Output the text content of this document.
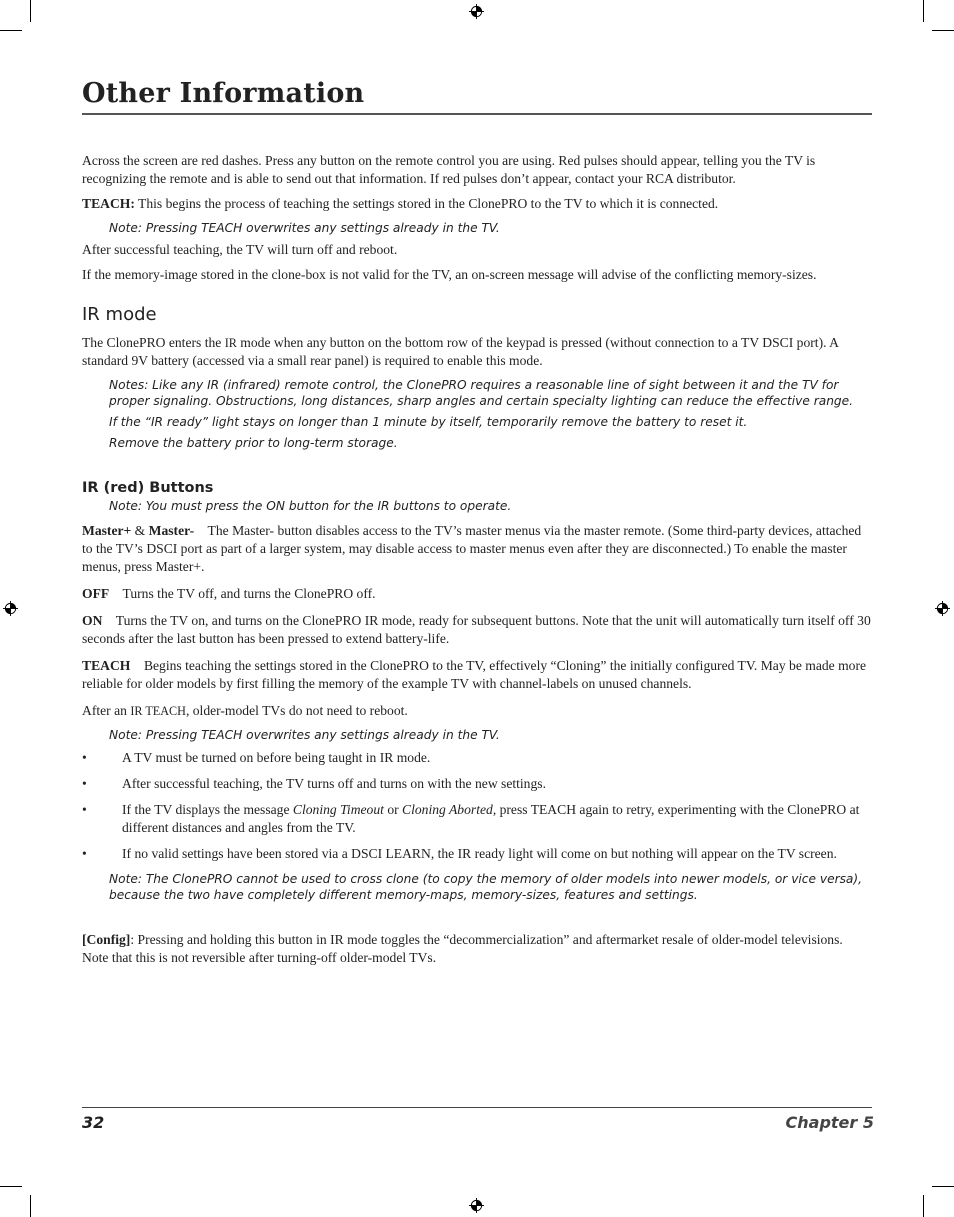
Other Information

Across the screen are red dashes. Press any button on the remote control you are using. Red pulses should appear, telling you the TV is recognizing the remote and is able to send out that information. If red pulses don’t appear, contact your RCA distributor.

TEACH: This begins the process of teaching the settings stored in the ClonePRO to the TV to which it is connected.

Note: Pressing TEACH overwrites any settings already in the TV.

After successful teaching, the TV will turn off and reboot.

If the memory-image stored in the clone-box is not valid for the TV, an on-screen message will advise of the conflicting memory-sizes.

IR mode

The ClonePRO enters the IR mode when any button on the bottom row of the keypad is pressed (without connection to a TV DSCI port). A standard 9V battery (accessed via a small rear panel) is required to enable this mode.

Notes: Like any IR (infrared) remote control, the ClonePRO requires a reasonable line of sight between it and the TV for proper signaling. Obstructions, long distances, sharp angles and certain specialty lighting can reduce the effective range.
If the “IR ready” light stays on longer than 1 minute by itself, temporarily remove the battery to reset it.
Remove the battery prior to long-term storage.
IR (red) Buttons
Note: You must press the ON button for the IR buttons to operate.

Master+ & Master-    The Master- button disables access to the TV’s master menus via the master remote. (Some third-party devices, attached to the TV’s DSCI port as part of a larger system, may disable access to master menus even after they are disconnected.) To enable the master menus, press Master+.

OFF    Turns the TV off, and turns the ClonePRO off.

ON    Turns the TV on, and turns on the ClonePRO IR mode, ready for subsequent buttons. Note that the unit will automatically turn itself off 30 seconds after the last button has been pressed to extend battery-life.

TEACH    Begins teaching the settings stored in the ClonePRO to the TV, effectively “Cloning” the initially configured TV. May be made more reliable for older models by first filling the memory of the example TV with channel-labels on unused channels.

After an IR TEACH, older-model TVs do not need to reboot.

Note: Pressing TEACH overwrites any settings already in the TV.
•	A TV must be turned on before being taught in IR mode.
•	After successful teaching, the TV turns off and turns on with the new settings.
•	If the TV displays the message Cloning Timeout or Cloning Aborted, press TEACH again to retry, experimenting with the ClonePRO at different distances and angles from the TV.
•	If no valid settings have been stored via a DSCI LEARN, the IR ready light will come on but nothing will appear on the TV screen.
Note: The ClonePRO cannot be used to cross clone (to copy the memory of older models into newer models, or vice versa), because the two have completely different memory-maps, memory-sizes, features and settings.

[Config]: Pressing and holding this button in IR mode toggles the “decommercialization” and aftermarket resale of older-model televisions. Note that this is not reversible after turning-off older-model TVs.

32	Chapter 5
